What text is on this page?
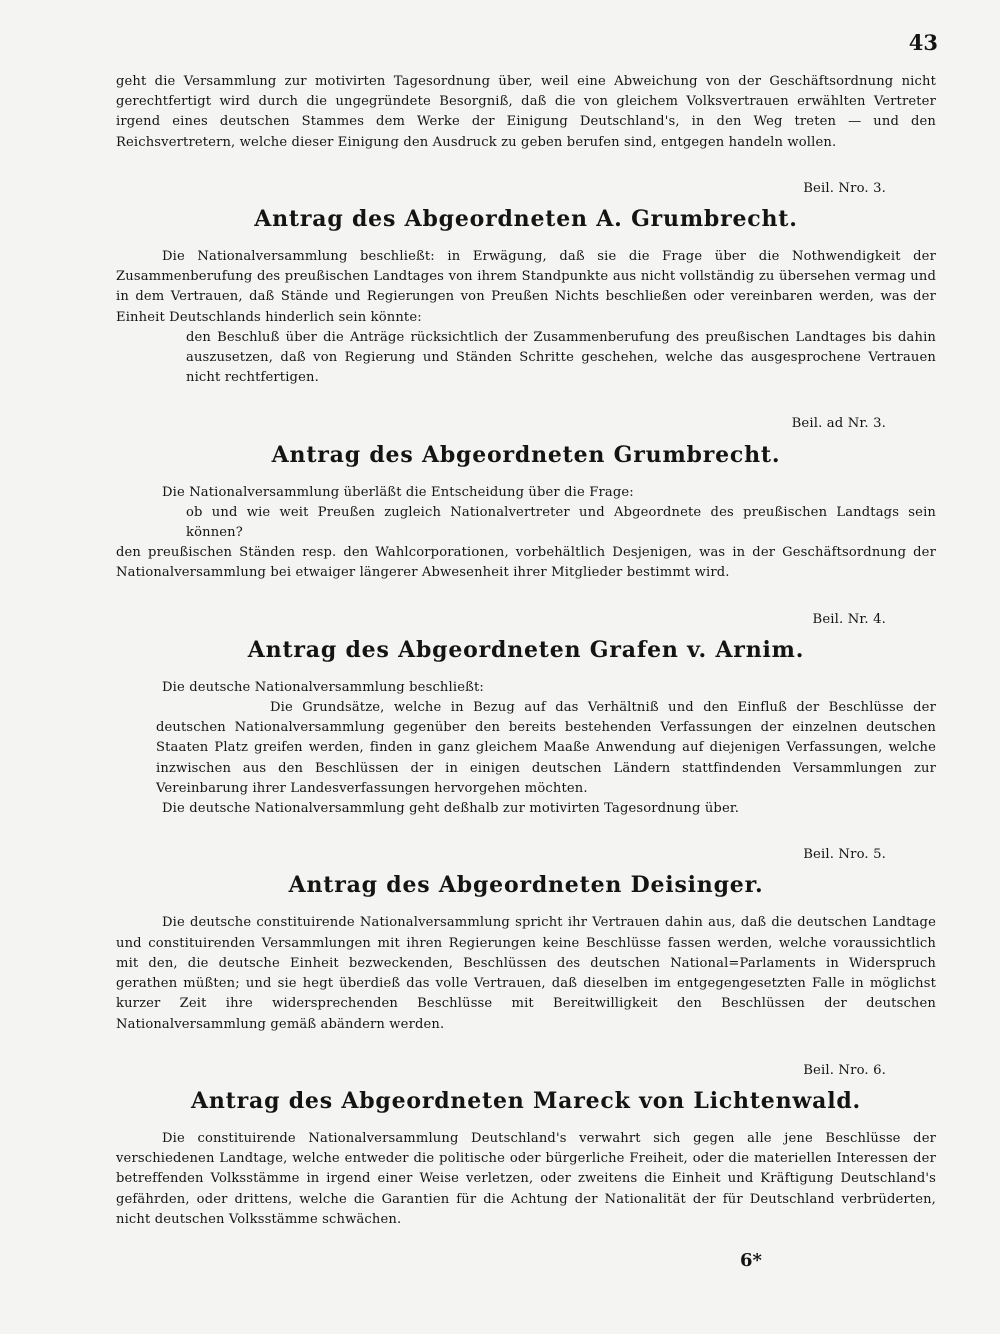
43

geht die Versammlung zur motivirten Tagesordnung über, weil eine Abweichung von der Geschäftsordnung nicht gerechtfertigt wird durch die ungegründete Besorgniß, daß die von gleichem Volksvertrauen erwählten Vertreter irgend eines deutschen Stammes dem Werke der Einigung Deutschland's, in den Weg treten — und den Reichsvertretern, welche dieser Einigung den Ausdruck zu geben berufen sind, entgegen handeln wollen.

Beil. Nro. 3.
Antrag des Abgeordneten A. Grumbrecht.

Die Nationalversammlung beschließt: in Erwägung, daß sie die Frage über die Nothwendigkeit der Zusammenberufung des preußischen Landtages von ihrem Standpunkte aus nicht vollständig zu übersehen vermag und in dem Vertrauen, daß Stände und Regierungen von Preußen Nichts beschließen oder vereinbaren werden, was der Einheit Deutschlands hinderlich sein könnte:

den Beschluß über die Anträge rücksichtlich der Zusammenberufung des preußischen Landtages bis dahin auszusetzen, daß von Regierung und Ständen Schritte geschehen, welche das ausgesprochene Vertrauen nicht rechtfertigen.

Beil. ad Nr. 3.
Antrag des Abgeordneten Grumbrecht.

Die Nationalversammlung überläßt die Entscheidung über die Frage:

ob und wie weit Preußen zugleich Nationalvertreter und Abgeordnete des preußischen Landtags sein können?

den preußischen Ständen resp. den Wahlcorporationen, vorbehältlich Desjenigen, was in der Geschäftsordnung der Nationalversammlung bei etwaiger längerer Abwesenheit ihrer Mitglieder bestimmt wird.

Beil. Nr. 4.
Antrag des Abgeordneten Grafen v. Arnim.

Die deutsche Nationalversammlung beschließt:

Die Grundsätze, welche in Bezug auf das Verhältniß und den Einfluß der Beschlüsse der deutschen Nationalversammlung gegenüber den bereits bestehenden Verfassungen der einzelnen deutschen Staaten Platz greifen werden, finden in ganz gleichem Maaße Anwendung auf diejenigen Verfassungen, welche inzwischen aus den Beschlüssen der in einigen deutschen Ländern stattfindenden Versammlungen zur Vereinbarung ihrer Landesverfassungen hervorgehen möchten.

Die deutsche Nationalversammlung geht deßhalb zur motivirten Tagesordnung über.

Beil. Nro. 5.
Antrag des Abgeordneten Deisinger.

Die deutsche constituirende Nationalversammlung spricht ihr Vertrauen dahin aus, daß die deutschen Landtage und constituirenden Versammlungen mit ihren Regierungen keine Beschlüsse fassen werden, welche voraussichtlich mit den, die deutsche Einheit bezweckenden, Beschlüssen des deutschen National=Parlaments in Widerspruch gerathen müßten; und sie hegt überdieß das volle Vertrauen, daß dieselben im entgegengesetzten Falle in möglichst kurzer Zeit ihre widersprechenden Beschlüsse mit Bereitwilligkeit den Beschlüssen der deutschen Nationalversammlung gemäß abändern werden.

Beil. Nro. 6.
Antrag des Abgeordneten Mareck von Lichtenwald.

Die constituirende Nationalversammlung Deutschland's verwahrt sich gegen alle jene Beschlüsse der verschiedenen Landtage, welche entweder die politische oder bürgerliche Freiheit, oder die materiellen Interessen der betreffenden Volksstämme in irgend einer Weise verletzen, oder zweitens die Einheit und Kräftigung Deutschland's gefährden, oder drittens, welche die Garantien für die Achtung der Nationalität der für Deutschland verbrüderten, nicht deutschen Volksstämme schwächen.

6*
